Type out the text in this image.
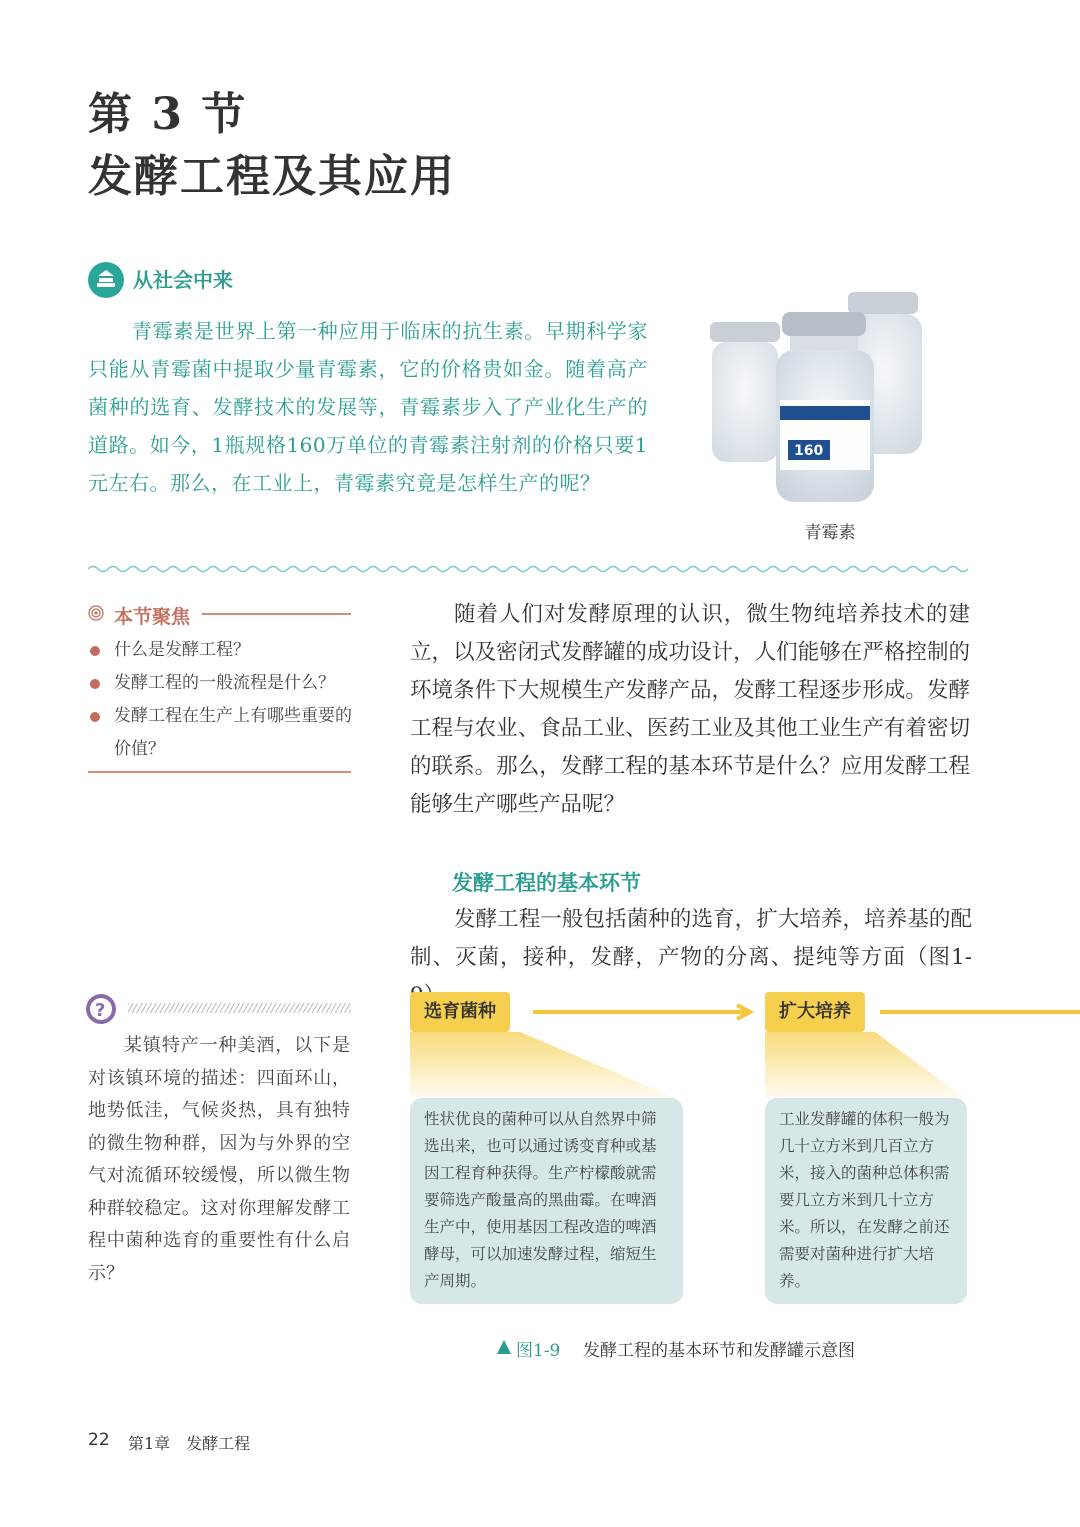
第 3 节
发酵工程及其应用
从社会中来
青霉素是世界上第一种应用于临床的抗生素。早期科学家只能从青霉菌中提取少量青霉素，它的价格贵如金。随着高产菌种的选育、发酵技术的发展等，青霉素步入了产业化生产的道路。如今，1瓶规格160万单位的青霉素注射剂的价格只要1元左右。那么，在工业上，青霉素究竟是怎样生产的呢？
160
青霉素
本节聚焦
什么是发酵工程？
发酵工程的一般流程是什么？
发酵工程在生产上有哪些重要的价值？
随着人们对发酵原理的认识，微生物纯培养技术的建立，以及密闭式发酵罐的成功设计，人们能够在严格控制的环境条件下大规模生产发酵产品，发酵工程逐步形成。发酵工程与农业、食品工业、医药工业及其他工业生产有着密切的联系。那么，发酵工程的基本环节是什么？应用发酵工程能够生产哪些产品呢？
发酵工程的基本环节
发酵工程一般包括菌种的选育，扩大培养，培养基的配制、灭菌，接种，发酵，产物的分离、提纯等方面（图1-
?
某镇特产一种美酒，以下是对该镇环境的描述：四面环山，地势低洼，气候炎热，具有独特的微生物种群，因为与外界的空气对流循环较缓慢，所以微生物种群较稳定。这对你理解发酵工程中菌种选育的重要性有什么启示？
选育菌种	扩大培养
性状优良的菌种可以从自然界中筛选出来，也可以通过诱变育种或基因工程育种获得。生产柠檬酸就需要筛选产酸量高的黑曲霉。在啤酒生产中，使用基因工程改造的啤酒酵母，可以加速发酵过程，缩短生产周期。
工业发酵罐的体积一般为几十立方米到几百立方米，接入的菌种总体积需要几立方米到几十立方米。所以，在发酵之前还需要对菌种进行扩大培养。
图1-9 发酵工程的基本环节和发酵罐示意图
22 第1章　发酵工程
